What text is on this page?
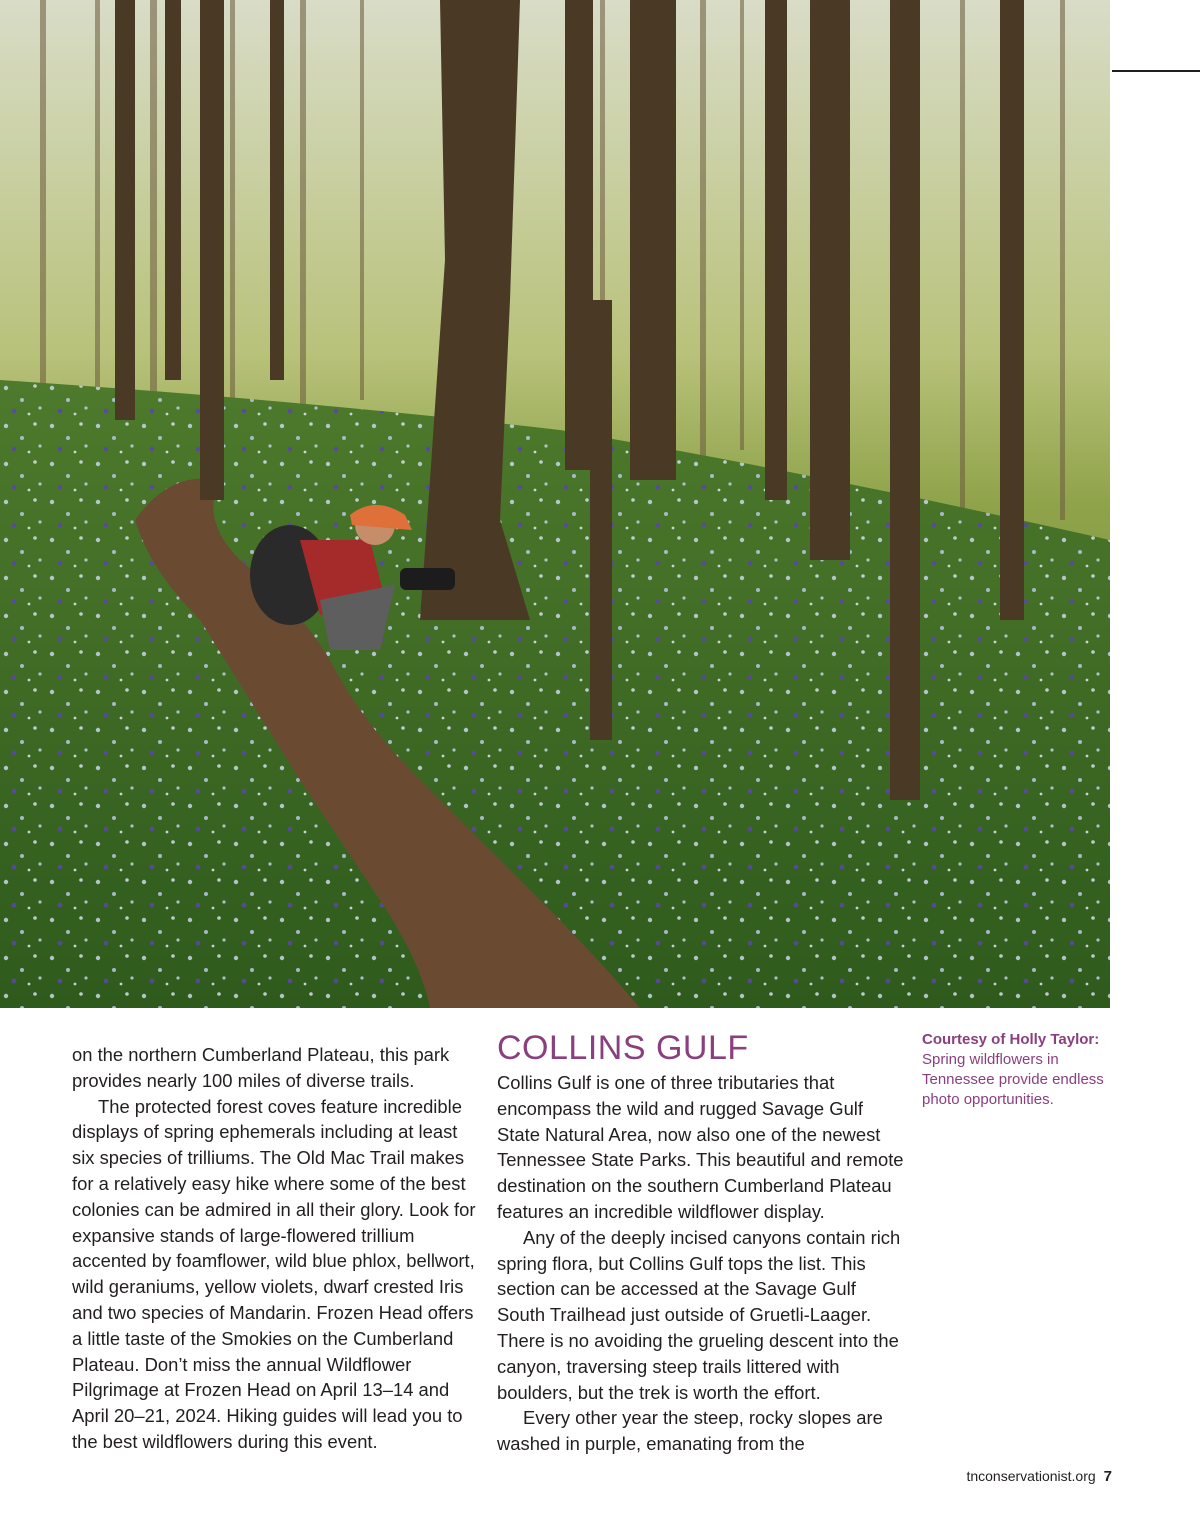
on the northern Cumberland Plateau, this park provides nearly 100 miles of diverse trails.

The protected forest coves feature incredible displays of spring ephemerals including at least six species of trilliums. The Old Mac Trail makes for a relatively easy hike where some of the best colonies can be admired in all their glory. Look for expansive stands of large-flowered trillium accented by foamflower, wild blue phlox, bellwort, wild geraniums, yellow violets, dwarf crested Iris and two species of Mandarin. Frozen Head offers a little taste of the Smokies on the Cumberland Plateau. Don’t miss the annual Wildflower Pilgrimage at Frozen Head on April 13–14 and April 20–21, 2024. Hiking guides will lead you to the best wildflowers during this event.

COLLINS GULF

Collins Gulf is one of three tributaries that encompass the wild and rugged Savage Gulf State Natural Area, now also one of the newest Tennessee State Parks. This beautiful and remote destination on the southern Cumberland Plateau features an incredible wildflower display.

Any of the deeply incised canyons contain rich spring flora, but Collins Gulf tops the list. This section can be accessed at the Savage Gulf South Trailhead just outside of Gruetli-Laager. There is no avoiding the grueling descent into the canyon, traversing steep trails littered with boulders, but the trek is worth the effort.

Every other year the steep, rocky slopes are washed in purple, emanating from the

Courtesy of Holly Taylor:
Spring wildflowers in Tennessee provide endless photo opportunities.
tnconservationist.org 7
